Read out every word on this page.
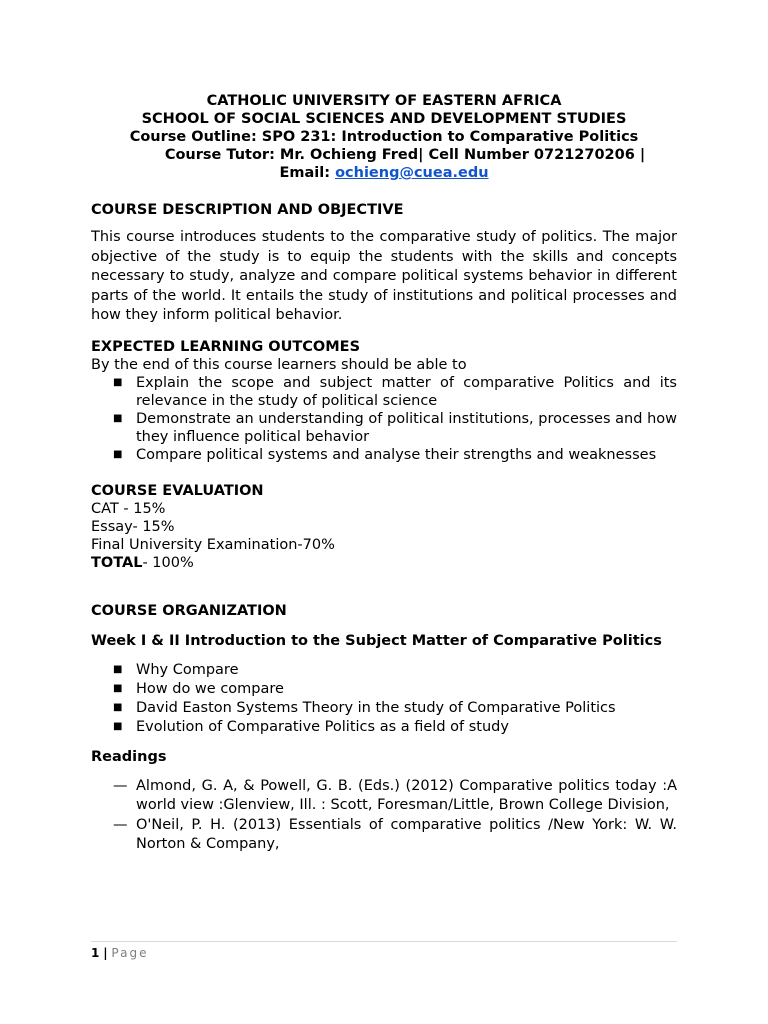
CATHOLIC UNIVERSITY OF EASTERN AFRICA
SCHOOL OF SOCIAL SCIENCES AND DEVELOPMENT STUDIES
Course Outline: SPO 231: Introduction to Comparative Politics
Course Tutor: Mr. Ochieng Fred| Cell Number 0721270206 |
Email: ochieng@cuea.edu
COURSE DESCRIPTION AND OBJECTIVE

This course introduces students to the comparative study of politics. The major objective of the study is to equip the students with the skills and concepts necessary to study, analyze and compare political systems behavior in different parts of the world. It entails the study of institutions and political processes and how they inform political behavior.

EXPECTED LEARNING OUTCOMES

By the end of this course learners should be able to

■ Explain the scope and subject matter of comparative Politics and its relevance in the study of political science
■ Demonstrate an understanding of political institutions, processes and how they influence political behavior
■ Compare political systems and analyse their strengths and weaknesses
COURSE EVALUATION

CAT - 15%

Essay- 15%

Final University Examination-70%

TOTAL- 100%

COURSE ORGANIZATION
Week I & II Introduction to the Subject Matter of Comparative Politics
■ Why Compare
■ How do we compare
■ David Easton Systems Theory in the study of Comparative Politics
■ Evolution of Comparative Politics as a field of study
Readings
— Almond, G. A, & Powell, G. B. (Eds.) (2012) Comparative politics today :A world view :Glenview, Ill. : Scott, Foresman/Little, Brown College Division,
— O'Neil, P. H. (2013) Essentials of comparative politics /New York: W. W. Norton & Company,
1 | Page
